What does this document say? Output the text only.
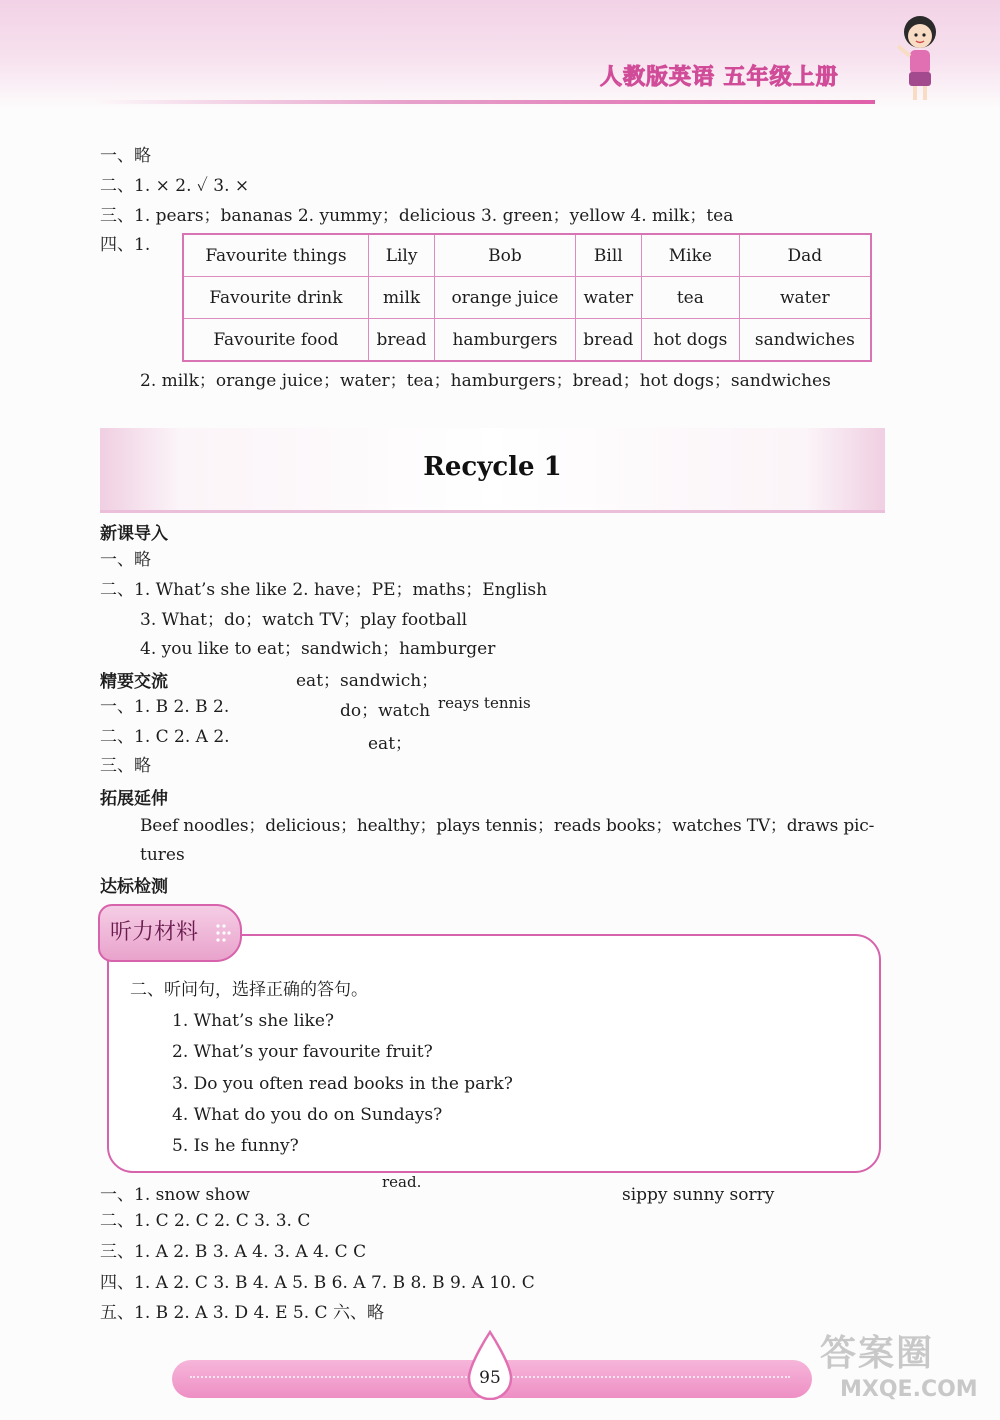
人教版英语 五年级上册
一、略
二、1. × 2. ✓ 3. ×
三、1. pears；bananas 2. yummy；delicious 3. green；yellow 4. milk；tea
四、1.
Favourite things	Lily	Bob	Bill	Mike	Dad
Favourite drink	milk	orange juice	water	tea	water
Favourite food	bread	hamburgers	bread	hot dogs	sandwiches
2. milk；orange juice；water；tea；hamburgers；bread；hot dogs；sandwiches
Recycle 1
新课导入
一、略
二、1. What’s she like 2. have；PE；maths；English
3. What；do；watch TV；play football
4. you like to eat；sandwich；hamburger
精要交流	eat；sandwich；
一、1. B 2. B 2.	do；watch reays tennis
二、1. C 2. A 2.	eat；
三、略
拓展延伸
Beef noodles；delicious；healthy；plays tennis；reads books；watches TV；draws pic-
tures
达标检测
听力材料
二、听问句，选择正确的答句。
1. What’s she like?
2. What’s your favourite fruit?
3. Do you often read books in the park?
4. What do you do on Sundays?
5. Is he funny?
read.
一、1. snow show	sippy sunny sorry
二、1. C 2. C 2. C 3. 3. C
三、1. A 2. B 3. A 4. 3. A 4. C C
四、1. A 2. C 3. B 4. A 5. B 6. A 7. B 8. B 9. A 10. C
五、1. B 2. A 3. D 4. E 5. C 六、略
95
答案圈
MXQE.COM
